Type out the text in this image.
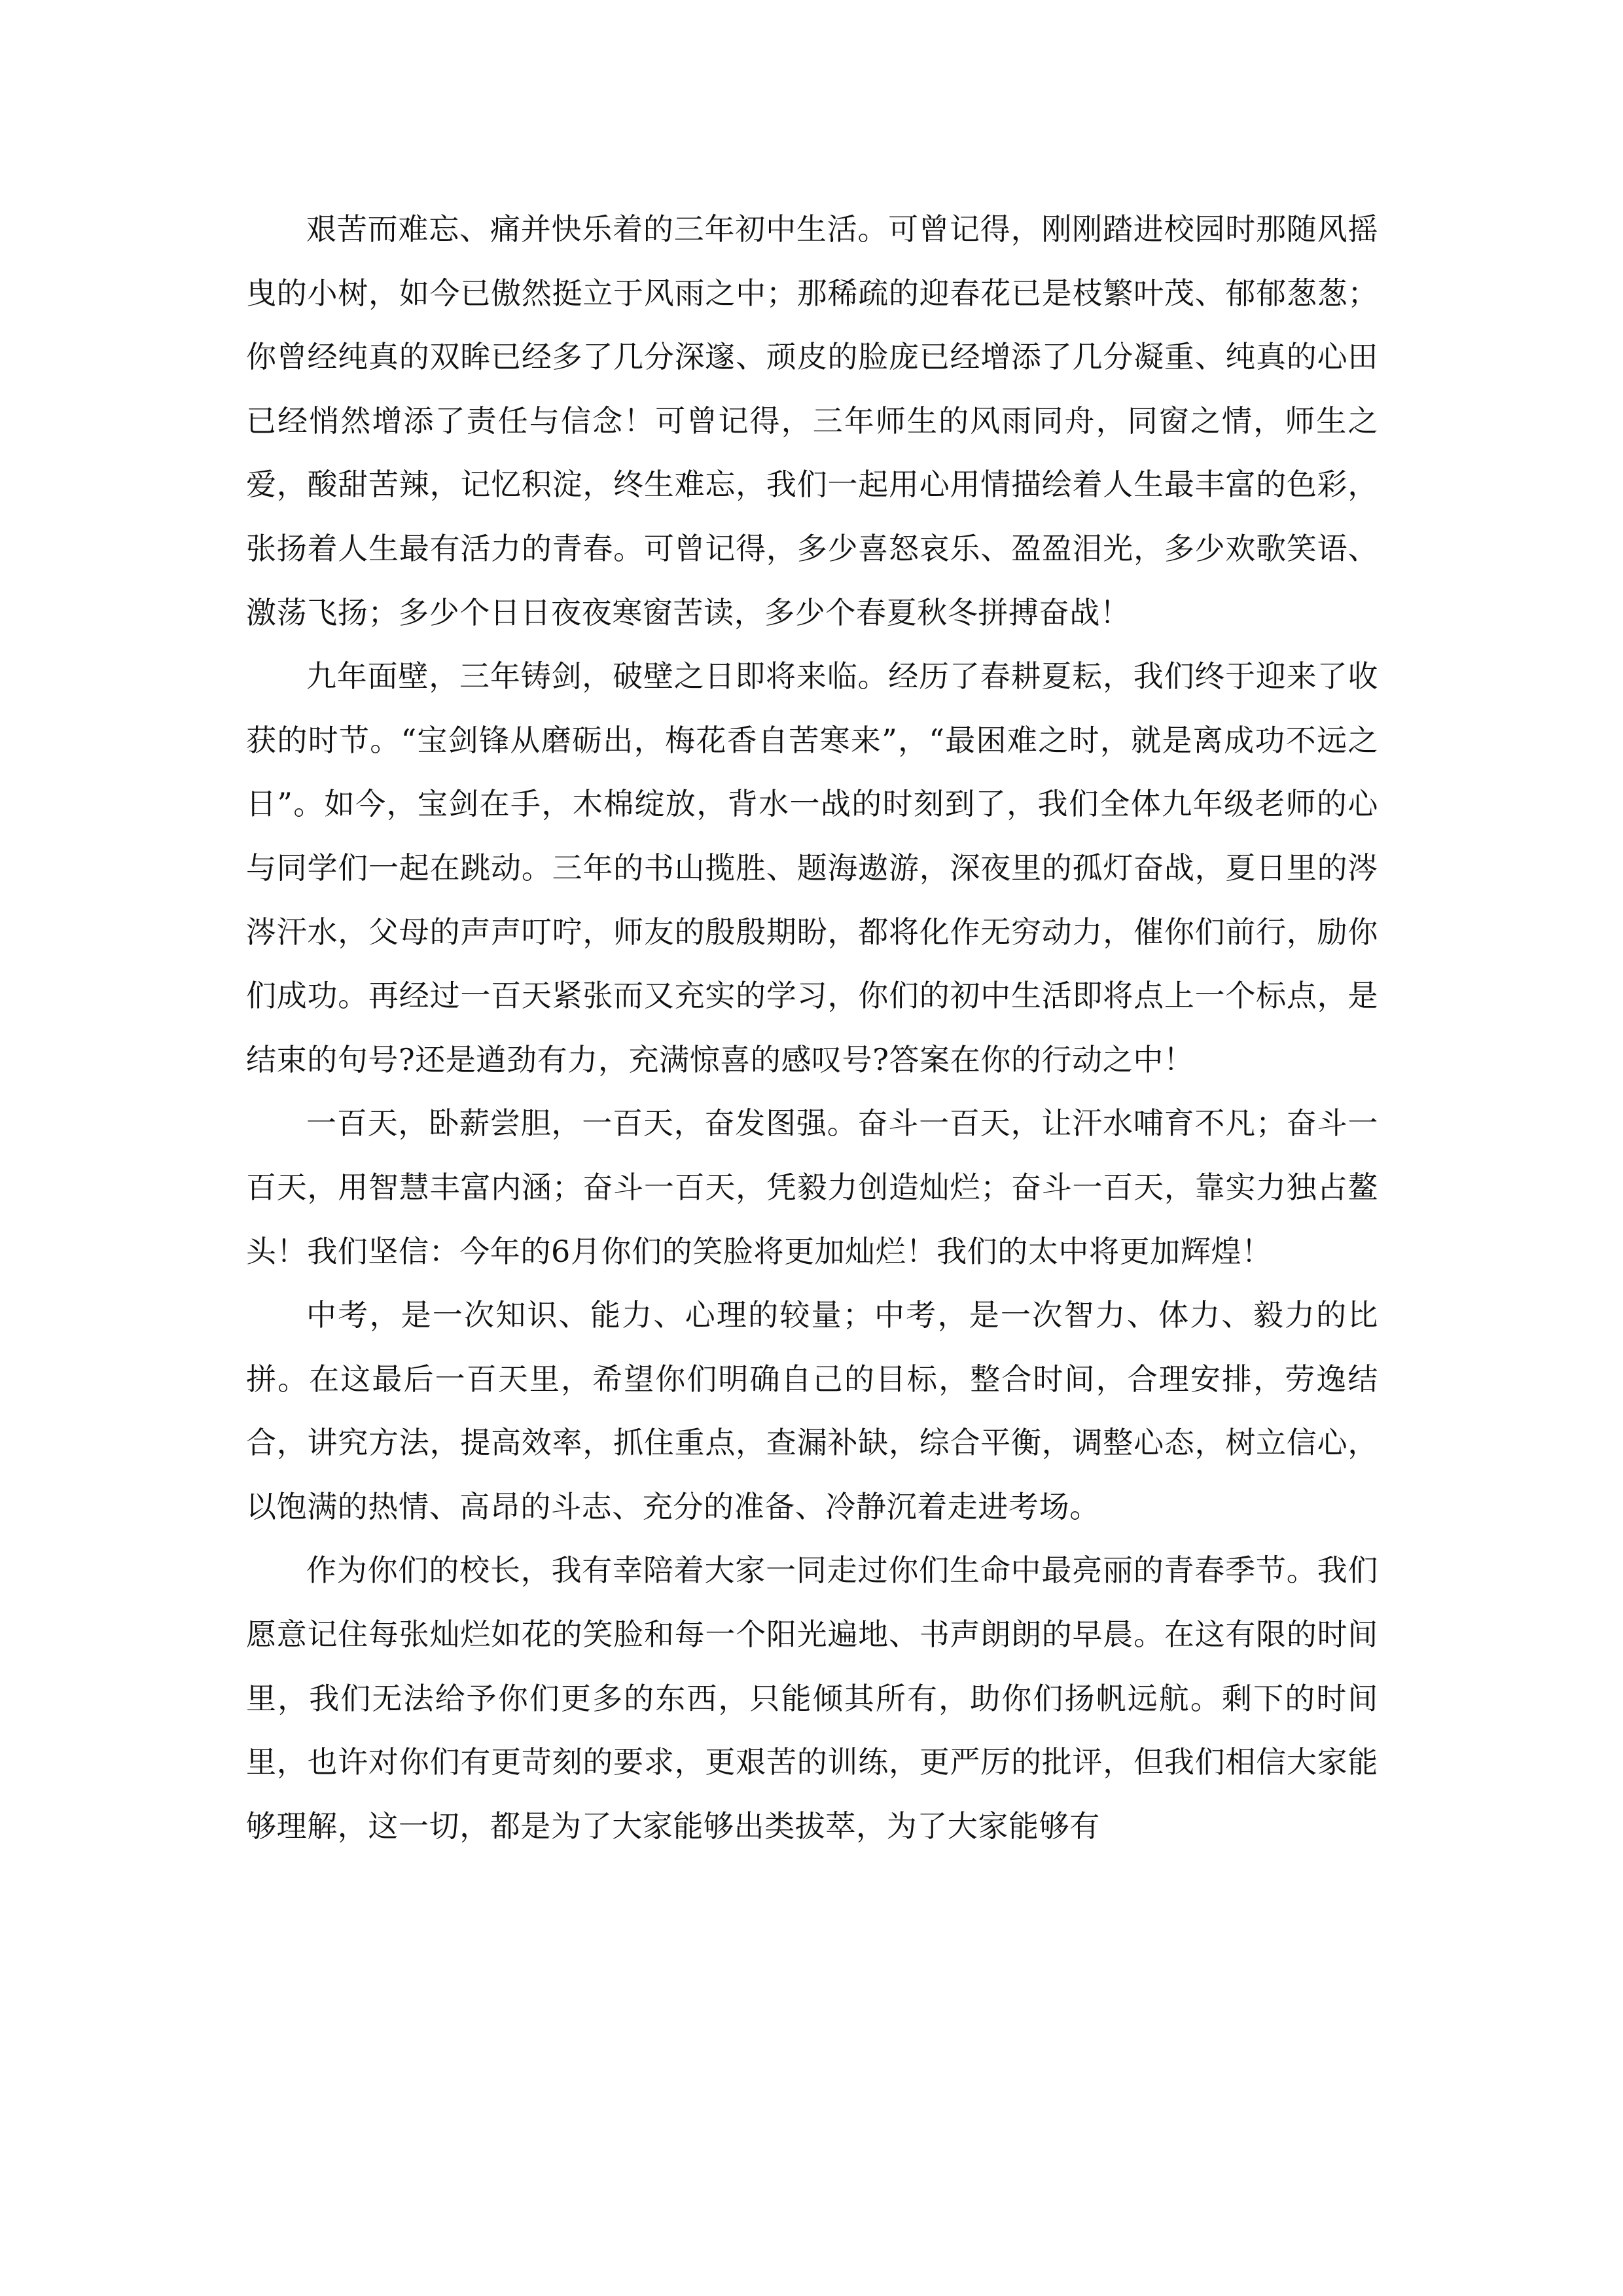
艰苦而难忘、痛并快乐着的三年初中生活。可曾记得，刚刚踏进校园时那随风摇曳的小树，如今已傲然挺立于风雨之中；那稀疏的迎春花已是枝繁叶茂、郁郁葱葱；你曾经纯真的双眸已经多了几分深邃、顽皮的脸庞已经增添了几分凝重、纯真的心田已经悄然增添了责任与信念！可曾记得，三年师生的风雨同舟，同窗之情，师生之爱，酸甜苦辣，记忆积淀，终生难忘，我们一起用心用情描绘着人生最丰富的色彩，张扬着人生最有活力的青春。可曾记得，多少喜怒哀乐、盈盈泪光，多少欢歌笑语、激荡飞扬；多少个日日夜夜寒窗苦读，多少个春夏秋冬拼搏奋战！

九年面壁，三年铸剑，破壁之日即将来临。经历了春耕夏耘，我们终于迎来了收获的时节。“宝剑锋从磨砺出，梅花香自苦寒来”，“最困难之时，就是离成功不远之日”。如今，宝剑在手，木棉绽放，背水一战的时刻到了，我们全体九年级老师的心与同学们一起在跳动。三年的书山揽胜、题海遨游，深夜里的孤灯奋战，夏日里的涔涔汗水，父母的声声叮咛，师友的殷殷期盼，都将化作无穷动力，催你们前行，励你们成功。再经过一百天紧张而又充实的学习，你们的初中生活即将点上一个标点，是结束的句号?还是遒劲有力，充满惊喜的感叹号?答案在你的行动之中！

一百天，卧薪尝胆，一百天，奋发图强。奋斗一百天，让汗水哺育不凡；奋斗一百天，用智慧丰富内涵；奋斗一百天，凭毅力创造灿烂；奋斗一百天，靠实力独占鳌头！我们坚信：今年的6月你们的笑脸将更加灿烂！我们的太中将更加辉煌！

中考，是一次知识、能力、心理的较量；中考，是一次智力、体力、毅力的比拼。在这最后一百天里，希望你们明确自己的目标，整合时间，合理安排，劳逸结合，讲究方法，提高效率，抓住重点，查漏补缺，综合平衡，调整心态，树立信心，以饱满的热情、高昂的斗志、充分的准备、冷静沉着走进考场。

作为你们的校长，我有幸陪着大家一同走过你们生命中最亮丽的青春季节。我们愿意记住每张灿烂如花的笑脸和每一个阳光遍地、书声朗朗的早晨。在这有限的时间里，我们无法给予你们更多的东西，只能倾其所有，助你们扬帆远航。剩下的时间里，也许对你们有更苛刻的要求，更艰苦的训练，更严厉的批评，但我们相信大家能够理解，这一切，都是为了大家能够出类拔萃，为了大家能够有
